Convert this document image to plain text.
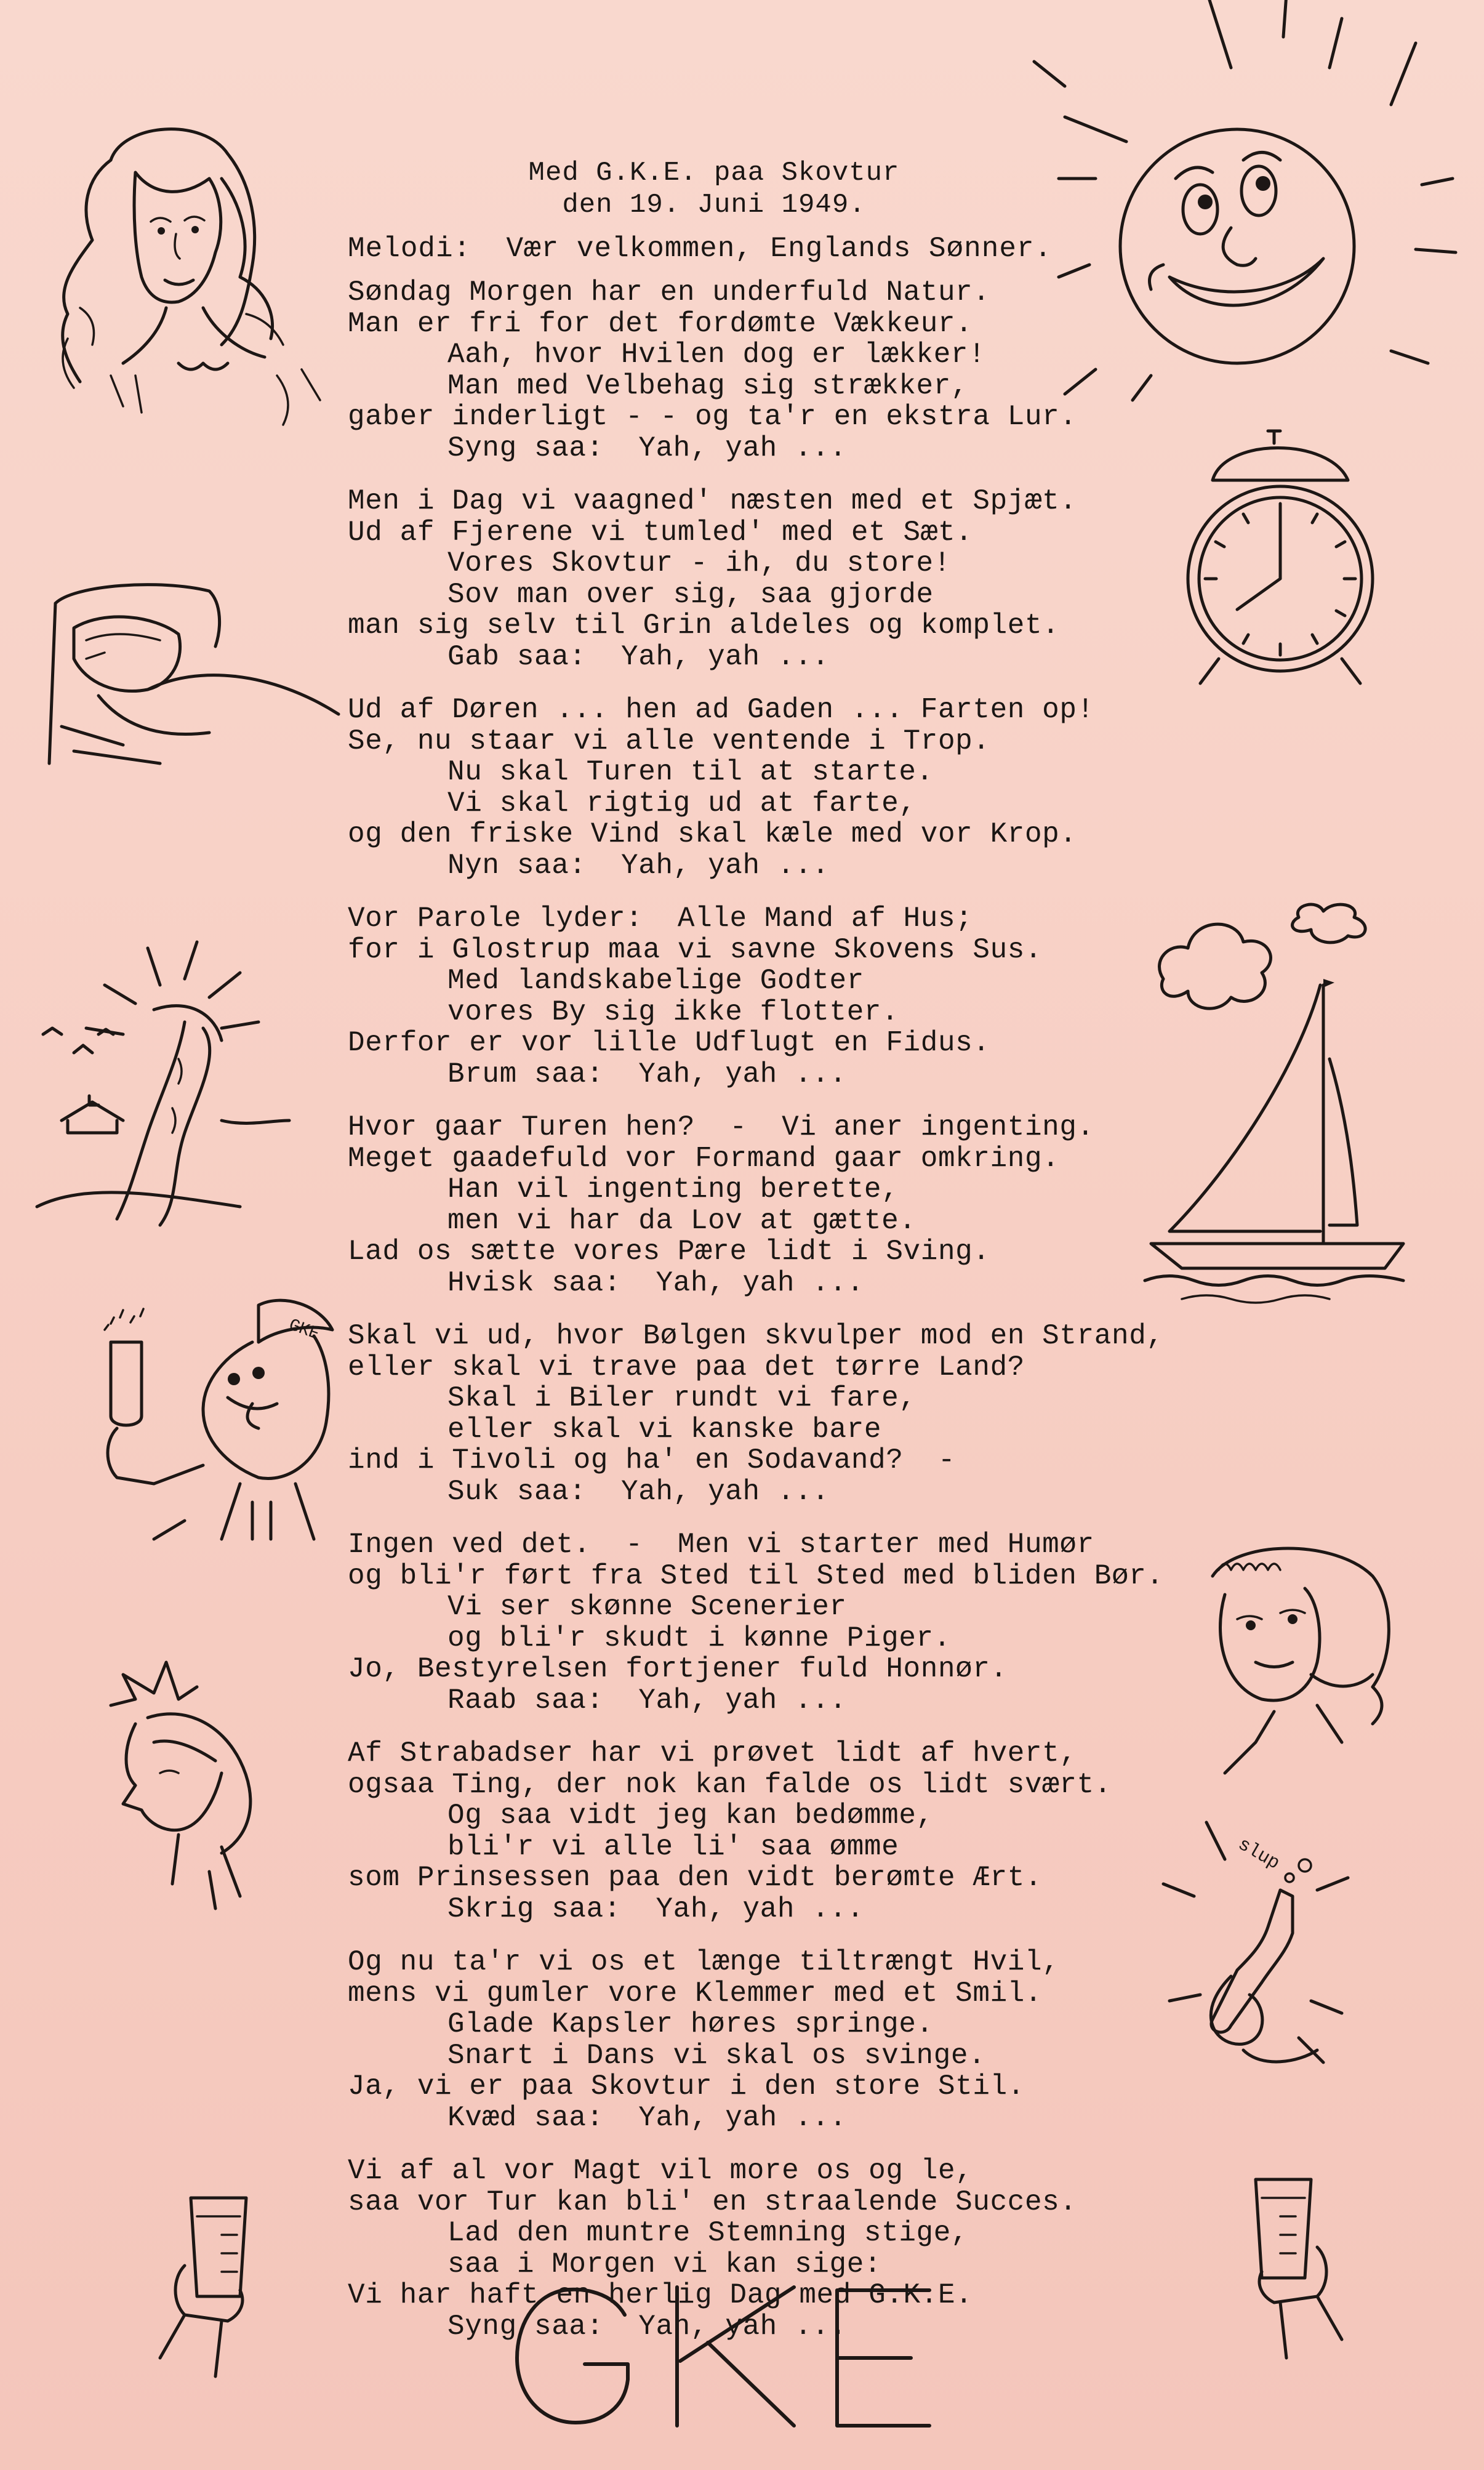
Med G.K.E. paa Skovtur
den 19. Juni 1949.
Melodi:  Vær velkommen, Englands Sønner.
Søndag Morgen har en underfuld Natur.
Man er fri for det fordømte Vækkeur.
Aah, hvor Hvilen dog er lækker!
Man med Velbehag sig strækker,
gaber inderligt - - og ta'r en ekstra Lur.
Syng saa:  Yah, yah ...
Men i Dag vi vaagned' næsten med et Spjæt.
Ud af Fjerene vi tumled' med et Sæt.
Vores Skovtur - ih, du store!
Sov man over sig, saa gjorde
man sig selv til Grin aldeles og komplet.
Gab saa:  Yah, yah ...
Ud af Døren ... hen ad Gaden ... Farten op!
Se, nu staar vi alle ventende i Trop.
Nu skal Turen til at starte.
Vi skal rigtig ud at farte,
og den friske Vind skal kæle med vor Krop.
Nyn saa:  Yah, yah ...
Vor Parole lyder:  Alle Mand af Hus;
for i Glostrup maa vi savne Skovens Sus.
Med landskabelige Godter
vores By sig ikke flotter.
Derfor er vor lille Udflugt en Fidus.
Brum saa:  Yah, yah ...
Hvor gaar Turen hen?  -  Vi aner ingenting.
Meget gaadefuld vor Formand gaar omkring.
Han vil ingenting berette,
men vi har da Lov at gætte.
Lad os sætte vores Pære lidt i Sving.
Hvisk saa:  Yah, yah ...
Skal vi ud, hvor Bølgen skvulper mod en Strand,
eller skal vi trave paa det tørre Land?
Skal i Biler rundt vi fare,
eller skal vi kanske bare
ind i Tivoli og ha' en Sodavand?  -
Suk saa:  Yah, yah ...
Ingen ved det.  -  Men vi starter med Humør
og bli'r ført fra Sted til Sted med bliden Bør.
Vi ser skønne Scenerier
og bli'r skudt i kønne Piger.
Jo, Bestyrelsen fortjener fuld Honnør.
Raab saa:  Yah, yah ...
Af Strabadser har vi prøvet lidt af hvert,
ogsaa Ting, der nok kan falde os lidt svært.
Og saa vidt jeg kan bedømme,
bli'r vi alle li' saa ømme
som Prinsessen paa den vidt berømte Ært.
Skrig saa:  Yah, yah ...
Og nu ta'r vi os et længe tiltrængt Hvil,
mens vi gumler vore Klemmer med et Smil.
Glade Kapsler høres springe.
Snart i Dans vi skal os svinge.
Ja, vi er paa Skovtur i den store Stil.
Kvæd saa:  Yah, yah ...
Vi af al vor Magt vil more os og le,
saa vor Tur kan bli' en straalende Succes.
Lad den muntre Stemning stige,
saa i Morgen vi kan sige:
Vi har haft en herlig Dag med G.K.E.
Syng saa:  Yah, yah ...
GKE
slup
